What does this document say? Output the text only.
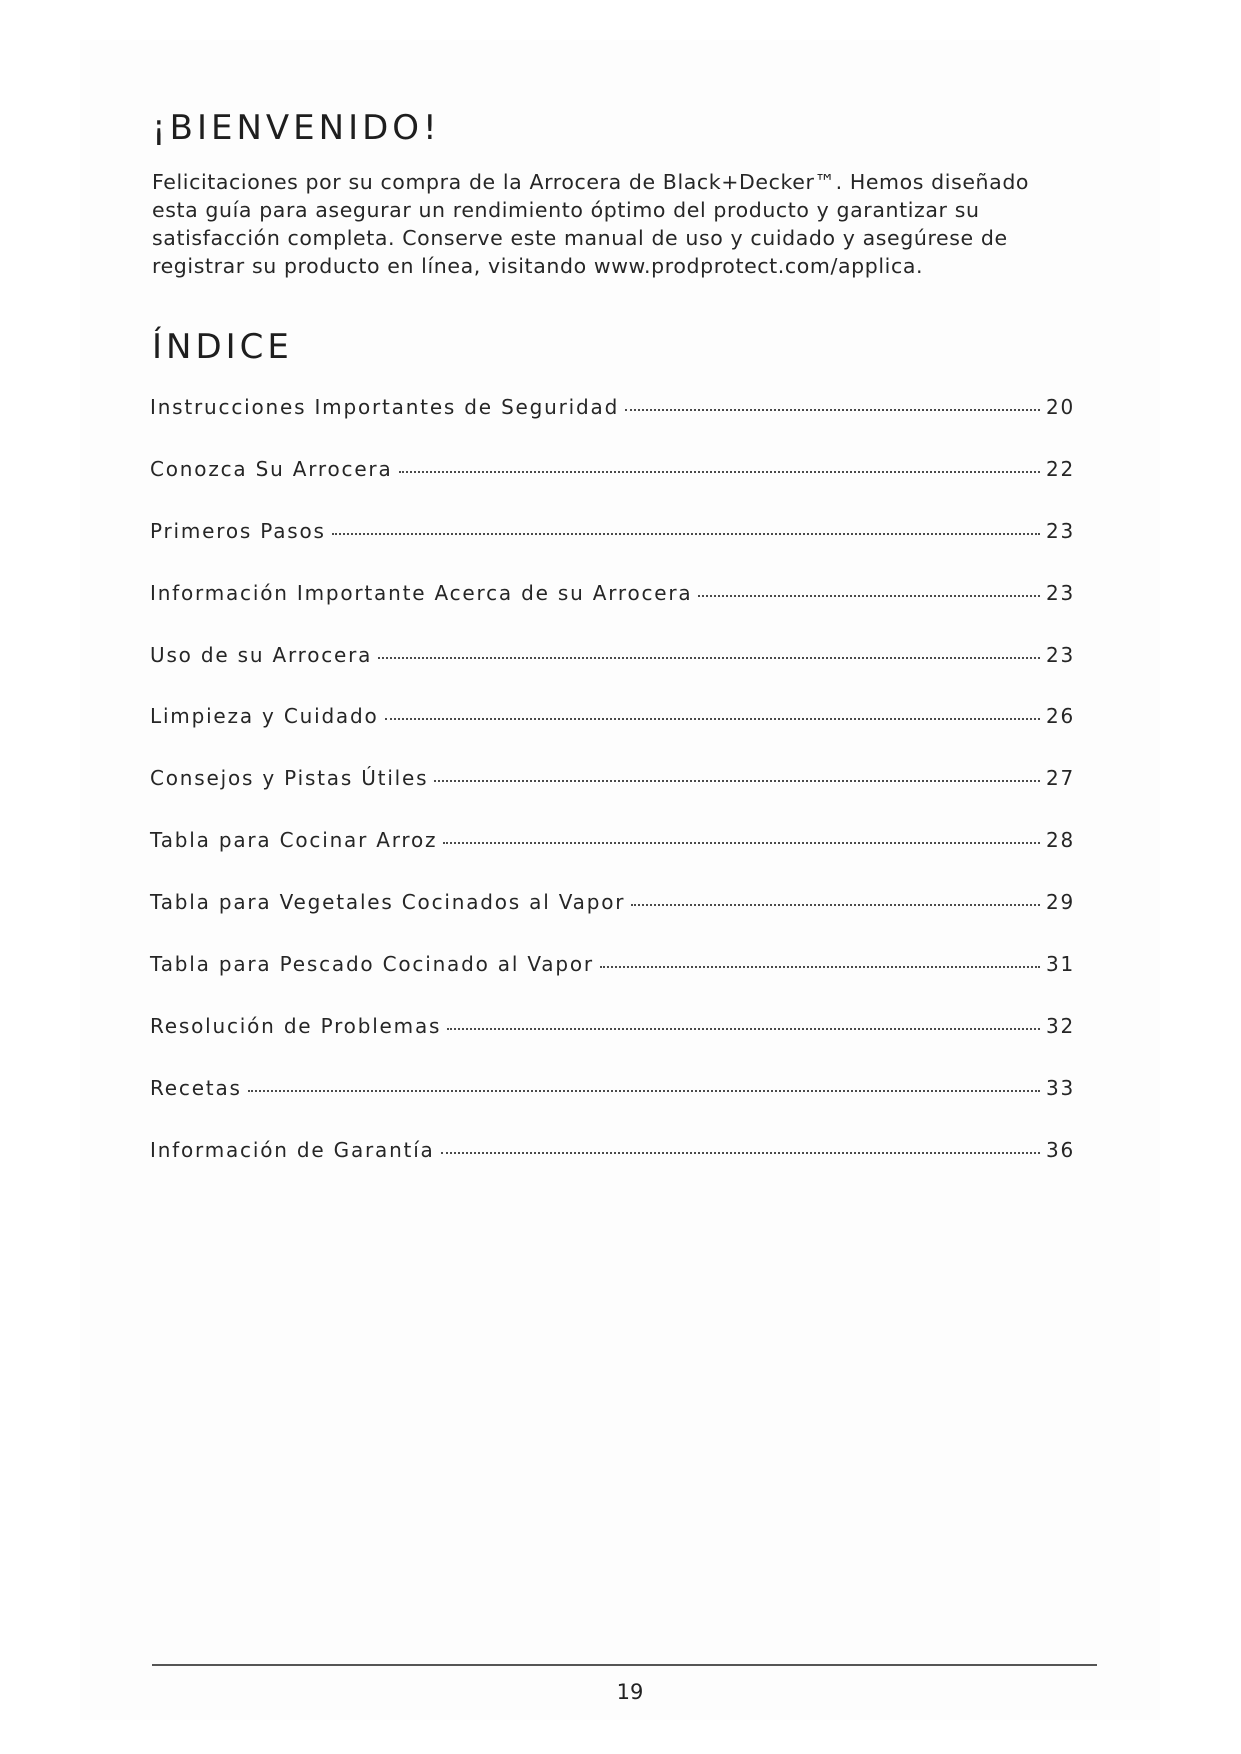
¡BIENVENIDO!

Felicitaciones por su compra de la Arrocera de Black+Decker™. Hemos diseñado esta guía para asegurar un rendimiento óptimo del producto y garantizar su satisfacción completa. Conserve este manual de uso y cuidado y asegúrese de registrar su producto en línea, visitando www.prodprotect.com/applica.

ÍNDICE
Instrucciones Importantes de Seguridad	20
Conozca Su Arrocera	22
Primeros Pasos	23
Información Importante Acerca de su Arrocera	23
Uso de su Arrocera	23
Limpieza y Cuidado	26
Consejos y Pistas Útiles	27
Tabla para Cocinar Arroz	28
Tabla para Vegetales Cocinados al Vapor	29
Tabla para Pescado Cocinado al Vapor	31
Resolución de Problemas	32
Recetas	33
Información de Garantía	36
19
